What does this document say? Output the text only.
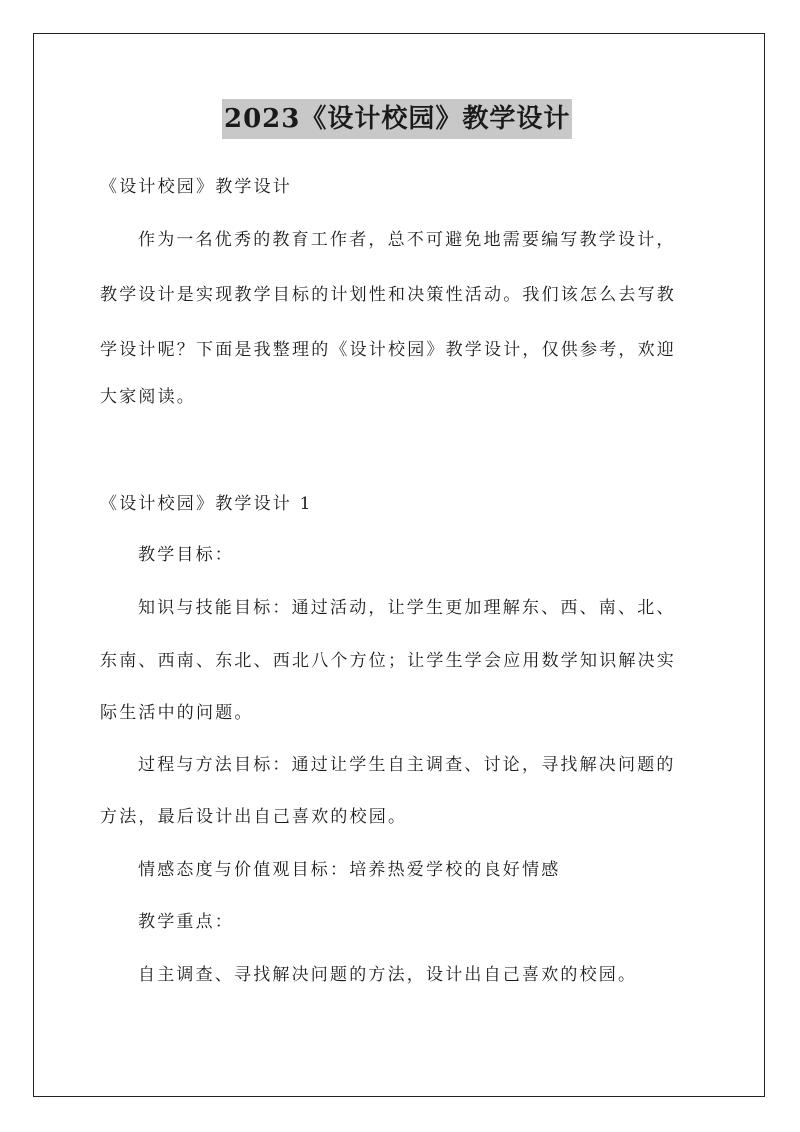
2023《设计校园》教学设计
《设计校园》教学设计
作为一名优秀的教育工作者，总不可避免地需要编写教学设计，
教学设计是实现教学目标的计划性和决策性活动。我们该怎么去写教
学设计呢？下面是我整理的《设计校园》教学设计，仅供参考，欢迎
大家阅读。
《设计校园》教学设计 1
教学目标：
知识与技能目标：通过活动，让学生更加理解东、西、南、北、
东南、西南、东北、西北八个方位；让学生学会应用数学知识解决实
际生活中的问题。
过程与方法目标：通过让学生自主调查、讨论，寻找解决问题的
方法，最后设计出自己喜欢的校园。
情感态度与价值观目标：培养热爱学校的良好情感
教学重点：
自主调查、寻找解决问题的方法，设计出自己喜欢的校园。
